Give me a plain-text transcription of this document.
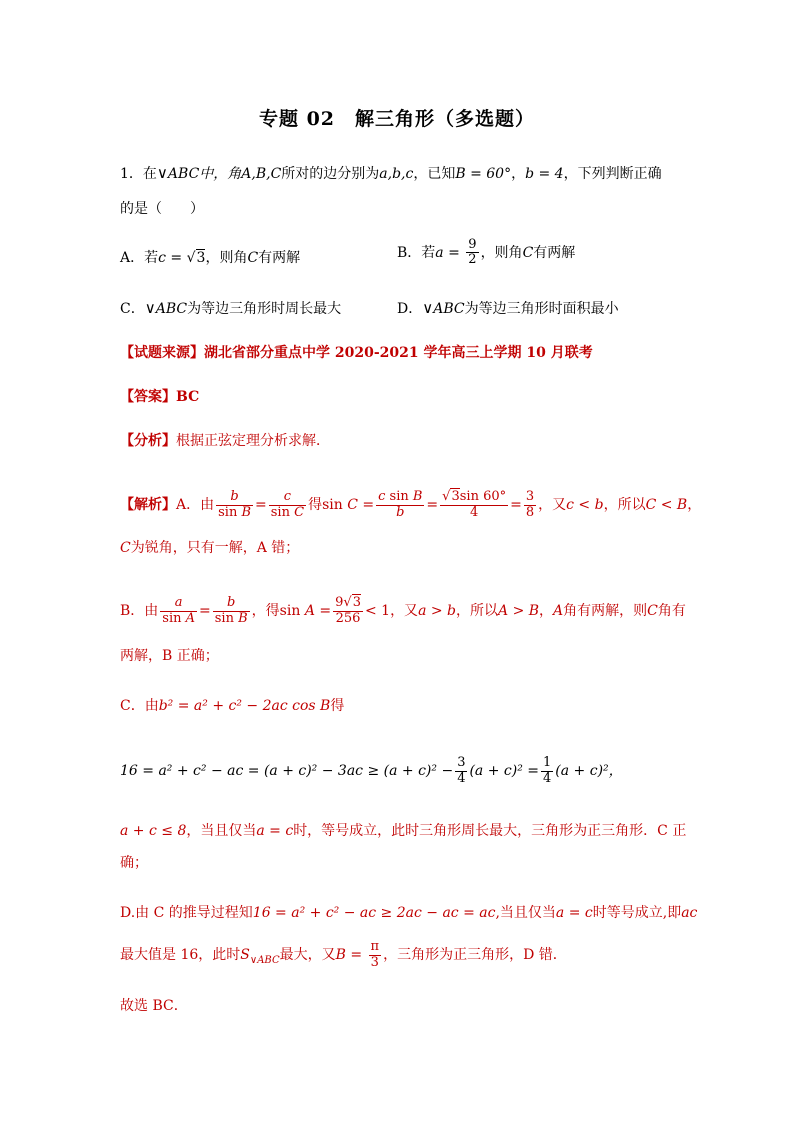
专题 02　解三角形（多选题）
1．在∨ABC中，角A,B,C所对的边分别为a,b,c，已知B = 60°，b = 4，下列判断正确
的是（　　）
A．若c = √3，则角C有两解	B．若$a = \frac{9}{2}$ ，则角C有两解
C．∨ABC为等边三角形时周长最大	D．∨ABC为等边三角形时面积最小
【试题来源】湖北省部分重点中学 2020-2021 学年高三上学期 10 月联考
【答案】BC
【分析】根据正弦定理分析求解．
【解析】A．由 $\frac{b}{\text{sin B}} = \frac{c}{\text{sin C}}$ 得$\sin C = \frac{\text{c sin B}}{b} = \frac{√3\sin 60^\circ}{4} = \frac{3}{8}$ ，又c < b，所以C < B，
C为锐角，只有一解，A 错；
B．由 $\frac{a}{\text{sin A}} = \frac{b}{\text{sin B}}$ ，得$\sin A = \frac{9√3}{256} < 1$，又a > b，所以A > B，A角有两解，则C角有
两解，B 正确；
C．由b² = a² + c² − 2ac cos B得
16 = a² + c² − ac = $(a + c)^2 - 3ac \ge (a + c)^2 - \frac{3}{4} (a + c)^2 = \frac{1}{4} (a + c)^2$，
a + c ≤ 8，当且仅当a = c时，等号成立，此时三角形周长最大，三角形为正三角形．C 正
确；
D.由 C 的推导过程知16 = a² + c² − ac ≥ 2ac − ac = ac,当且仅当a = c时等号成立,即ac
最大值是 16，此时$S_{\vee ABC}$最大，又$B = \frac{\pi}{3}$ ，三角形为正三角形，D 错．
故选 BC．
